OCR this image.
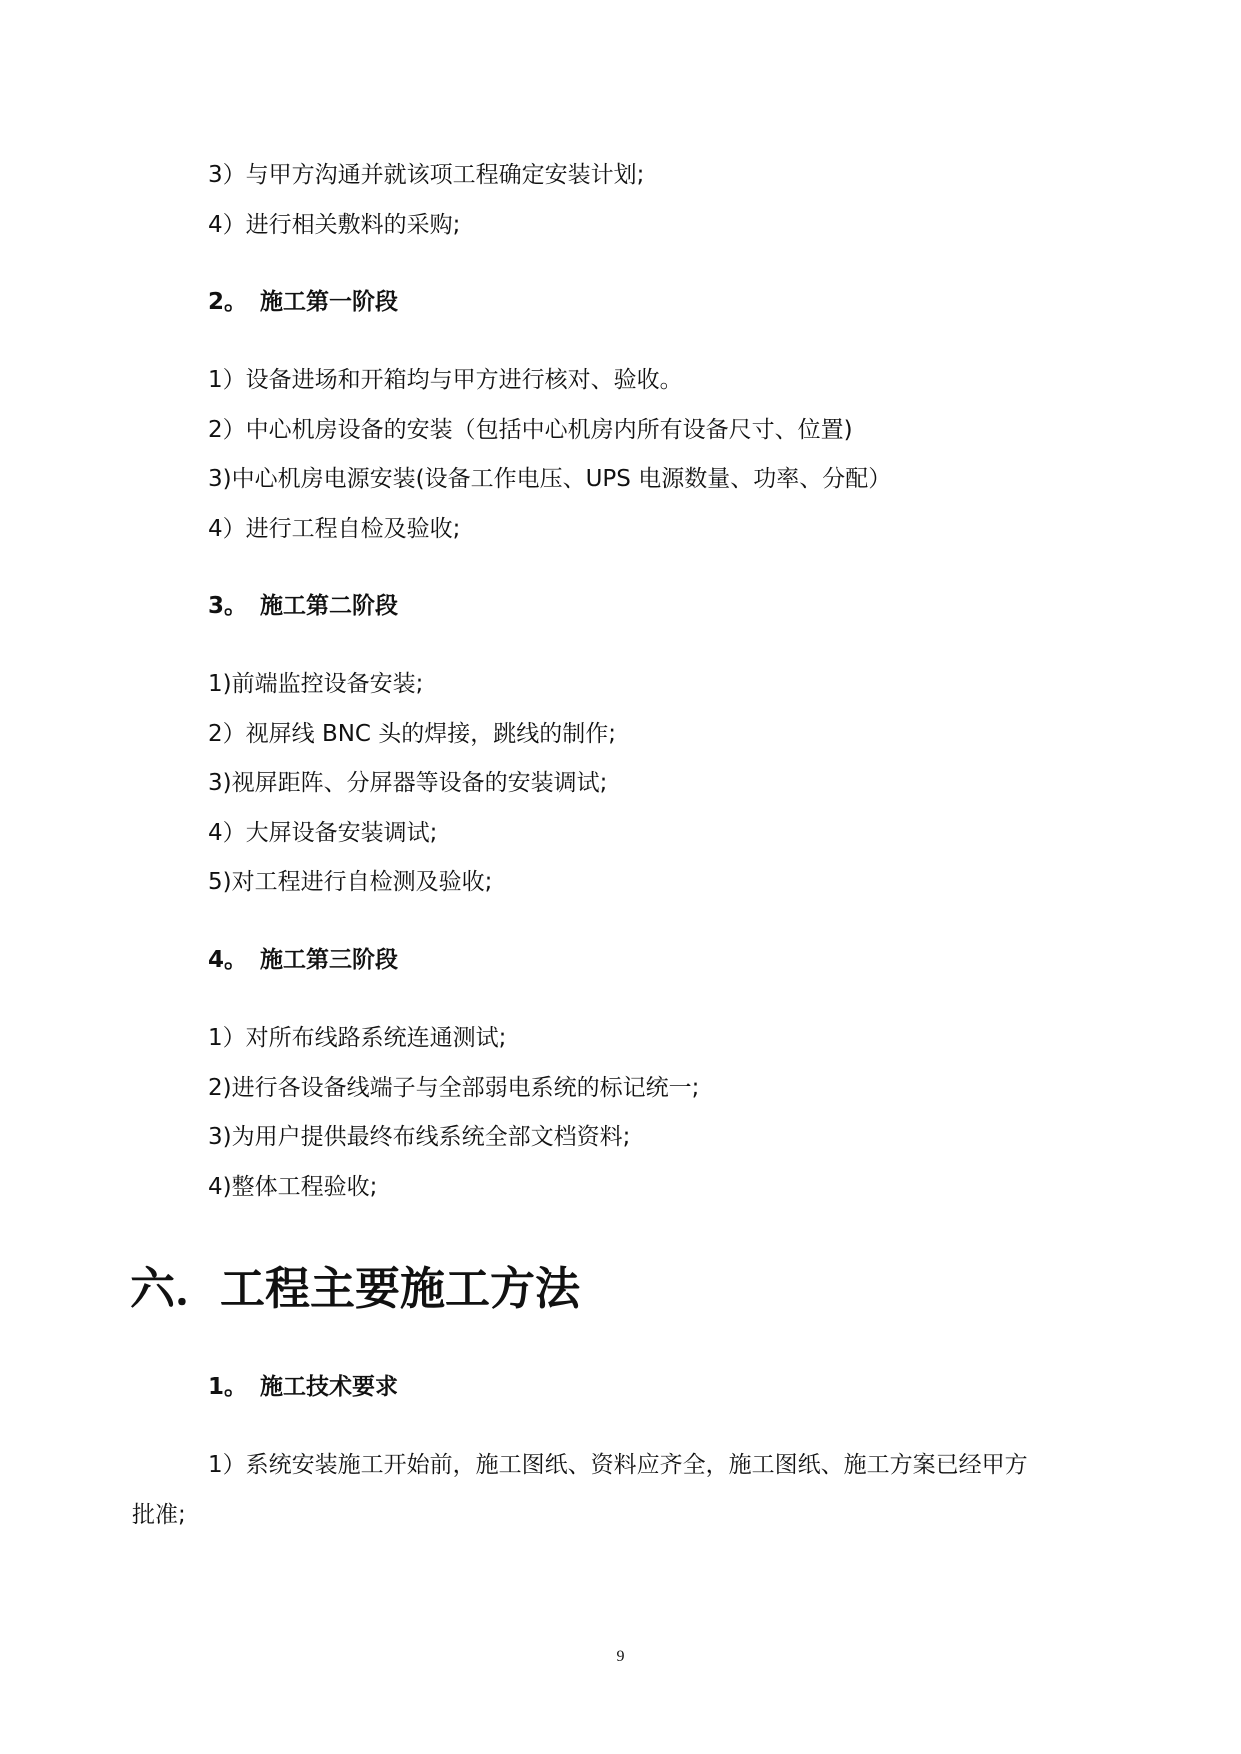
3）与甲方沟通并就该项工程确定安装计划;
4）进行相关敷料的采购;
2。 施工第一阶段
1）设备进场和开箱均与甲方进行核对、验收。
2）中心机房设备的安装（包括中心机房内所有设备尺寸、位置)
3)中心机房电源安装(设备工作电压、UPS 电源数量、功率、分配）
4）进行工程自检及验收;
3。 施工第二阶段
1)前端监控设备安装;
2）视屏线 BNC 头的焊接，跳线的制作;
3)视屏距阵、分屏器等设备的安装调试;
4）大屏设备安装调试;
5)对工程进行自检测及验收;
4。 施工第三阶段
1）对所布线路系统连通测试;
2)进行各设备线端子与全部弱电系统的标记统一;
3)为用户提供最终布线系统全部文档资料;
4)整体工程验收;
六．工程主要施工方法
1。 施工技术要求
1）系统安装施工开始前，施工图纸、资料应齐全，施工图纸、施工方案已经甲方
批准;
9
